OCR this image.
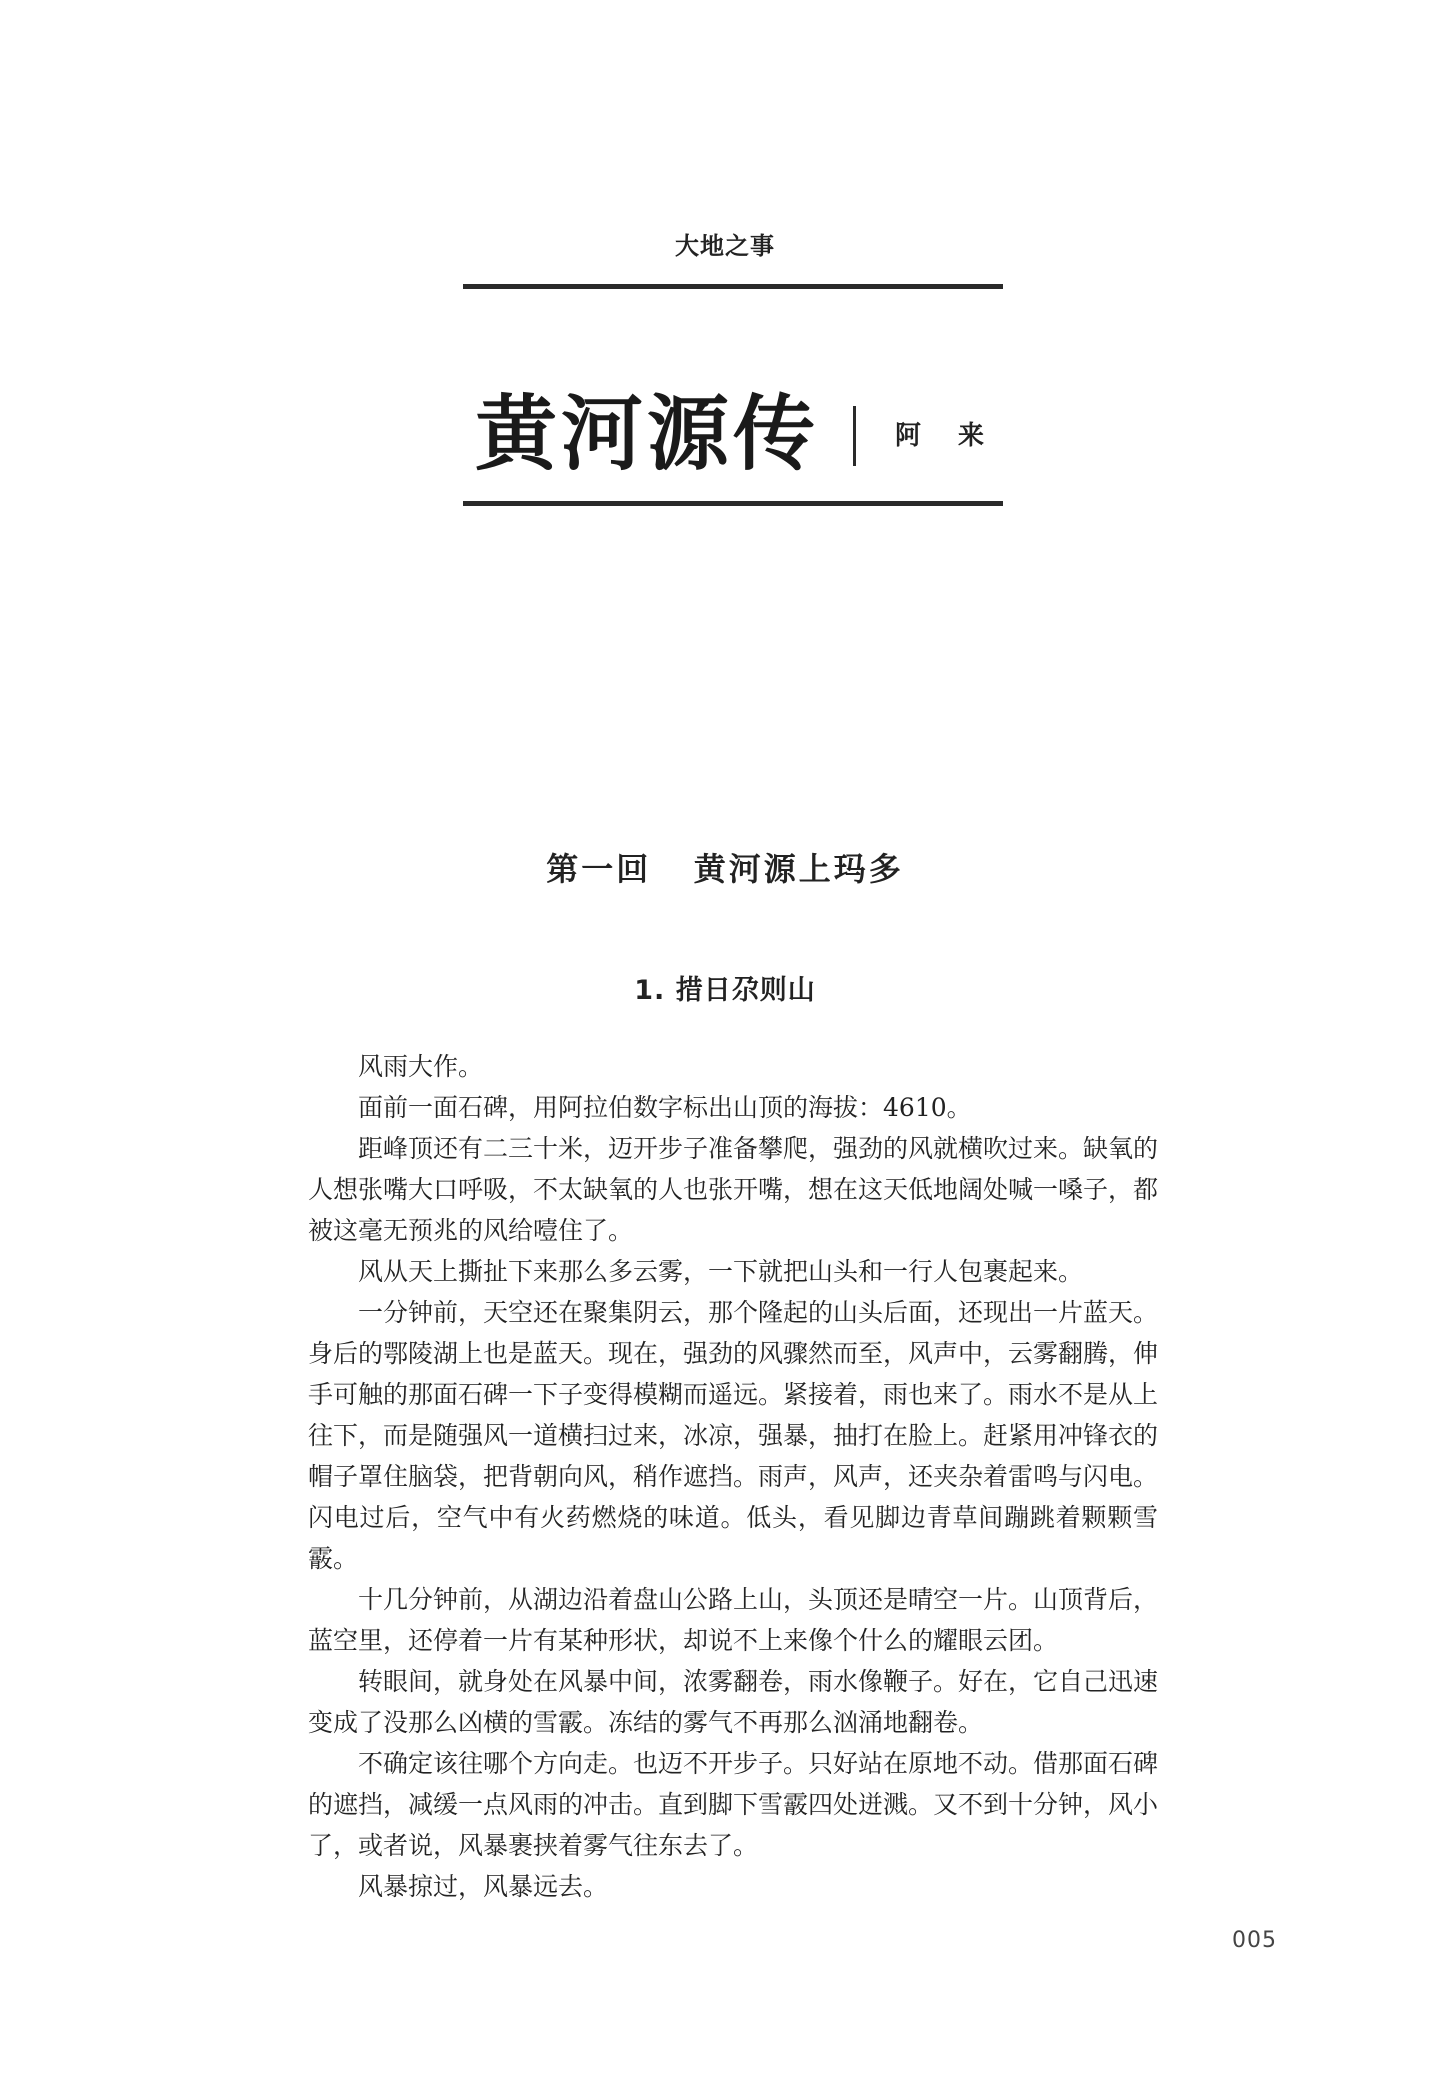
大地之事
黄河源传	阿 来
第一回   黄河源上玛多
1. 措日尕则山

风雨大作。

面前一面石碑，用阿拉伯数字标出山顶的海拔：4610。

距峰顶还有二三十米，迈开步子准备攀爬，强劲的风就横吹过来。缺氧的人想张嘴大口呼吸，不太缺氧的人也张开嘴，想在这天低地阔处喊一嗓子，都被这毫无预兆的风给噎住了。

风从天上撕扯下来那么多云雾，一下就把山头和一行人包裹起来。

一分钟前，天空还在聚集阴云，那个隆起的山头后面，还现出一片蓝天。身后的鄂陵湖上也是蓝天。现在，强劲的风骤然而至，风声中，云雾翻腾，伸手可触的那面石碑一下子变得模糊而遥远。紧接着，雨也来了。雨水不是从上往下，而是随强风一道横扫过来，冰凉，强暴，抽打在脸上。赶紧用冲锋衣的帽子罩住脑袋，把背朝向风，稍作遮挡。雨声，风声，还夹杂着雷鸣与闪电。闪电过后，空气中有火药燃烧的味道。低头，看见脚边青草间蹦跳着颗颗雪霰。

十几分钟前，从湖边沿着盘山公路上山，头顶还是晴空一片。山顶背后，蓝空里，还停着一片有某种形状，却说不上来像个什么的耀眼云团。

转眼间，就身处在风暴中间，浓雾翻卷，雨水像鞭子。好在，它自己迅速变成了没那么凶横的雪霰。冻结的雾气不再那么汹涌地翻卷。

不确定该往哪个方向走。也迈不开步子。只好站在原地不动。借那面石碑的遮挡，减缓一点风雨的冲击。直到脚下雪霰四处迸溅。又不到十分钟，风小了，或者说，风暴裹挟着雾气往东去了。

风暴掠过，风暴远去。

005
